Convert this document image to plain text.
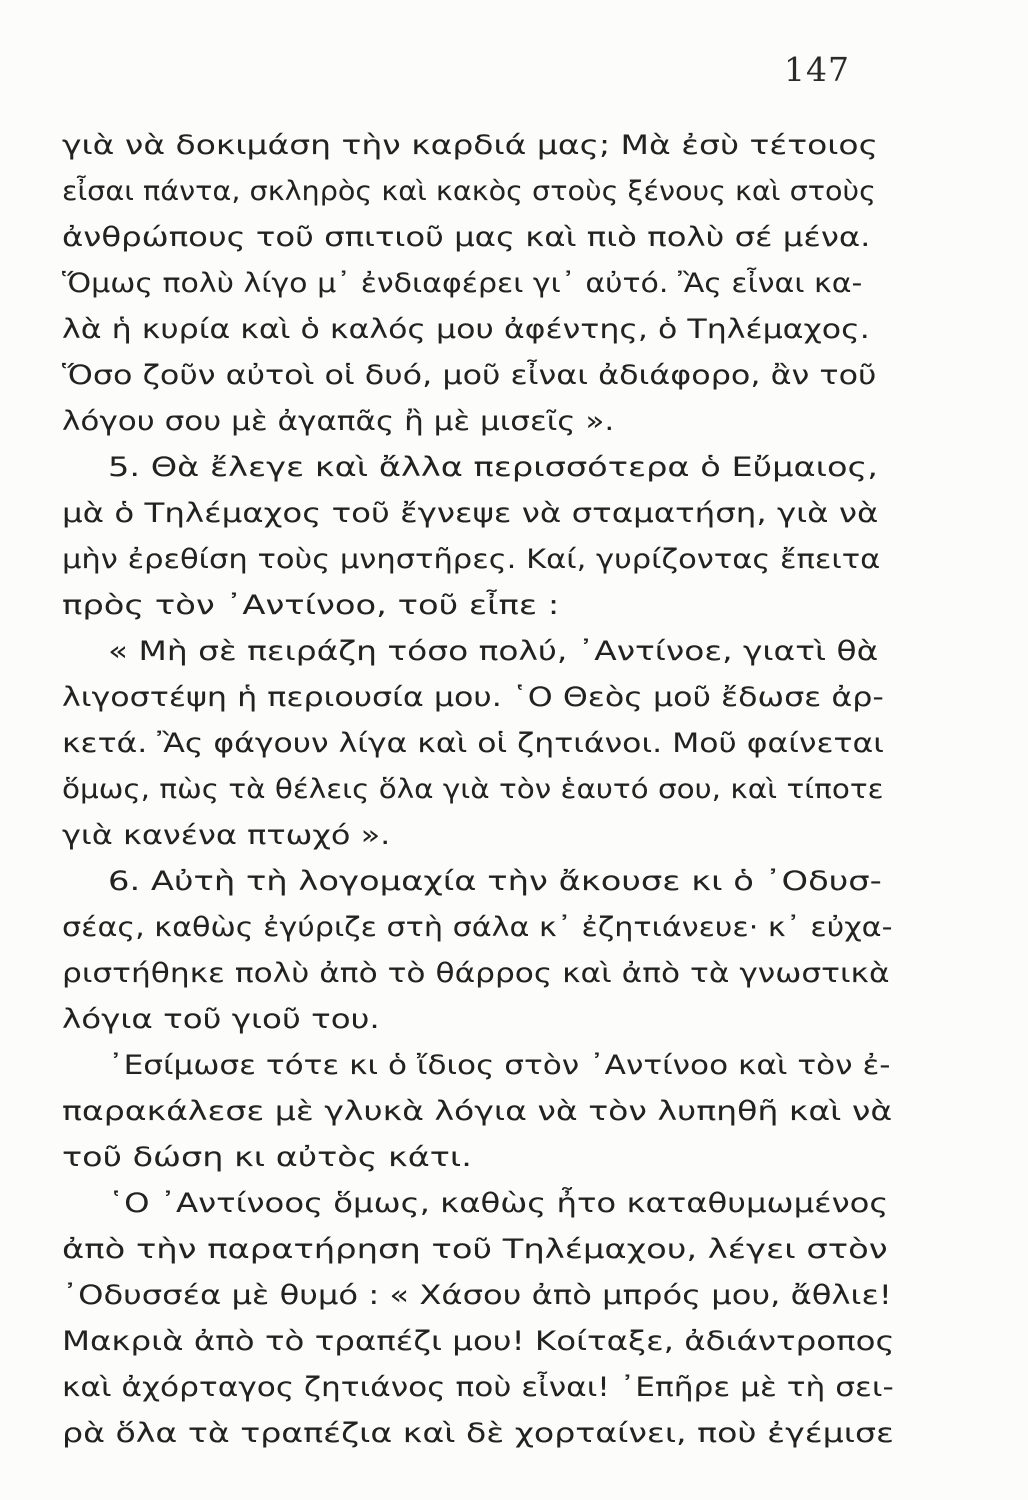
147
γιὰ νὰ δοκιμάση τὴν καρδιά μας; Μὰ ἐσὺ τέτοιος
εἶσαι πάντα, σκληρὸς καὶ κακὸς στοὺς ξένους καὶ στοὺς
ἀνθρώπους τοῦ σπιτιοῦ μας καὶ πιὸ πολὺ σέ μένα.
Ὅμως πολὺ λίγο μ᾿ ἐνδιαφέρει γι᾿ αὐτό. Ἂς εἶναι κα-
λὰ ἡ κυρία καὶ ὁ καλός μου ἀφέντης, ὁ Τηλέμαχος.
Ὅσο ζοῦν αὐτοὶ οἱ δυό, μοῦ εἶναι ἀδιάφορο, ἂν τοῦ
λόγου σου μὲ ἀγαπᾶς ἢ μὲ μισεῖς ».
5. Θὰ ἔλεγε καὶ ἄλλα περισσότερα ὁ Εὔμαιος,
μὰ ὁ Τηλέμαχος τοῦ ἔγνεψε νὰ σταματήση, γιὰ νὰ
μὴν ἐρεθίση τοὺς μνηστῆρες. Καί, γυρίζοντας ἔπειτα
πρὸς τὸν ᾿Αντίνοο, τοῦ εἶπε :
« Μὴ σὲ πειράζη τόσο πολύ, ᾿Αντίνοε, γιατὶ θὰ
λιγοστέψη ἡ περιουσία μου. ῾Ο Θεὸς μοῦ ἔδωσε ἀρ-
κετά. Ἂς φάγουν λίγα καὶ οἱ ζητιάνοι. Μοῦ φαίνεται
ὅμως, πὼς τὰ θέλεις ὅλα γιὰ τὸν ἑαυτό σου, καὶ τίποτε
γιὰ κανένα πτωχό ».
6. Αὐτὴ τὴ λογομαχία τὴν ἄκουσε κι ὁ ᾿Οδυσ-
σέας, καθὼς ἐγύριζε στὴ σάλα κ᾿ ἐζητιάνευε· κ᾿ εὐχα-
ριστήθηκε πολὺ ἀπὸ τὸ θάρρος καὶ ἀπὸ τὰ γνωστικὰ
λόγια τοῦ γιοῦ του.
᾿Εσίμωσε τότε κι ὁ ἴδιος στὸν ᾿Αντίνοο καὶ τὸν ἐ-
παρακάλεσε μὲ γλυκὰ λόγια νὰ τὸν λυπηθῆ καὶ νὰ
τοῦ δώση κι αὐτὸς κάτι.
῾Ο ᾿Αντίνοος ὅμως, καθὼς ἦτο καταθυμωμένος
ἀπὸ τὴν παρατήρηση τοῦ Τηλέμαχου, λέγει στὸν
᾿Οδυσσέα μὲ θυμό : « Χάσου ἀπὸ μπρός μου, ἄθλιε!
Μακριὰ ἀπὸ τὸ τραπέζι μου! Κοίταξε, ἀδιάντροπος
καὶ ἀχόρταγος ζητιάνος ποὺ εἶναι! ᾿Επῆρε μὲ τὴ σει-
ρὰ ὅλα τὰ τραπέζια καὶ δὲ χορταίνει, ποὺ ἐγέμισε
